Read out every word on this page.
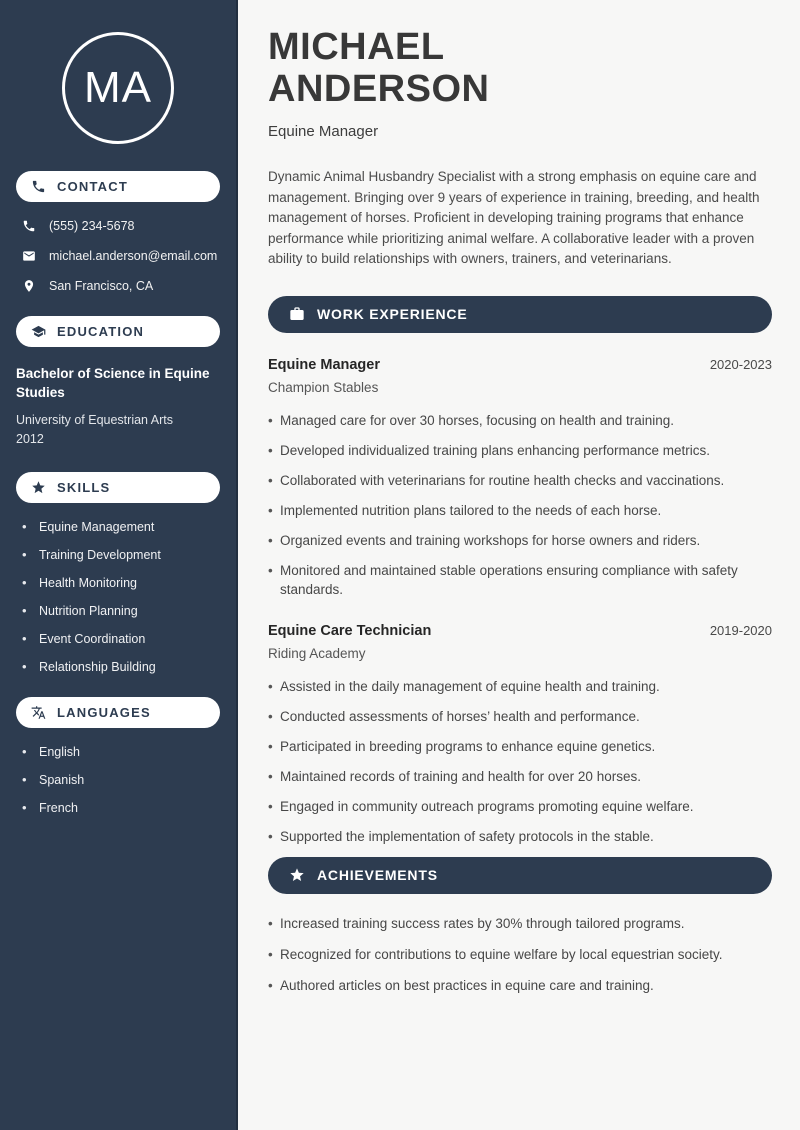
MA
CONTACT
(555) 234-5678
michael.anderson@email.com
San Francisco, CA
EDUCATION
Bachelor of Science in Equine Studies
University of Equestrian Arts
2012
SKILLS
• Equine Management
• Training Development
• Health Monitoring
• Nutrition Planning
• Event Coordination
• Relationship Building
LANGUAGES
• English
• Spanish
• French
MICHAEL
ANDERSON
Equine Manager

Dynamic Animal Husbandry Specialist with a strong emphasis on equine care and management. Bringing over 9 years of experience in training, breeding, and health management of horses. Proficient in developing training programs that enhance performance while prioritizing animal welfare. A collaborative leader with a proven ability to build relationships with owners, trainers, and veterinarians.

WORK EXPERIENCE
Equine Manager	2020-2023
Champion Stables
• Managed care for over 30 horses, focusing on health and training.
• Developed individualized training plans enhancing performance metrics.
• Collaborated with veterinarians for routine health checks and vaccinations.
• Implemented nutrition plans tailored to the needs of each horse.
• Organized events and training workshops for horse owners and riders.
• Monitored and maintained stable operations ensuring compliance with safety standards.
Equine Care Technician	2019-2020
Riding Academy
• Assisted in the daily management of equine health and training.
• Conducted assessments of horses’ health and performance.
• Participated in breeding programs to enhance equine genetics.
• Maintained records of training and health for over 20 horses.
• Engaged in community outreach programs promoting equine welfare.
• Supported the implementation of safety protocols in the stable.
ACHIEVEMENTS
• Increased training success rates by 30% through tailored programs.
• Recognized for contributions to equine welfare by local equestrian society.
• Authored articles on best practices in equine care and training.
